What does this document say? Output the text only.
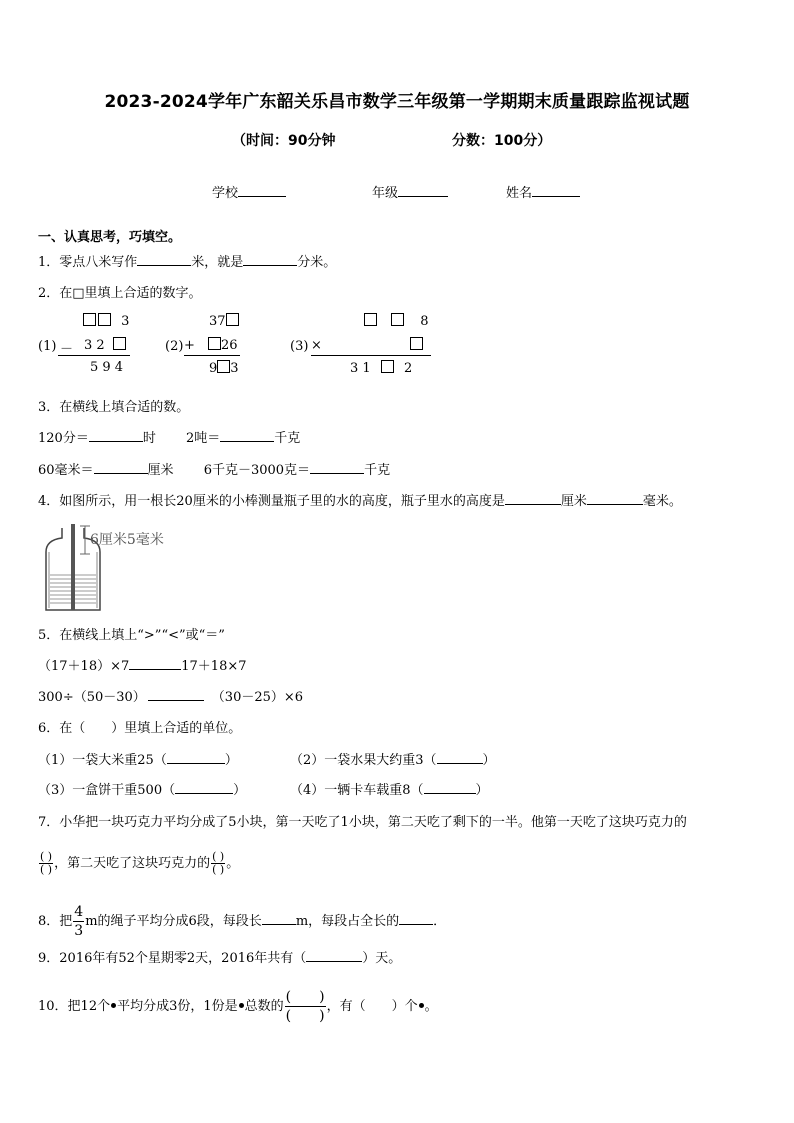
2023-2024学年广东韶关乐昌市数学三年级第一学期期末质量跟踪监视试题
（时间：90分钟	分数：100分）
学校	年级	姓名
一、认真思考，巧填空。
1．零点八米写作	米，就是	分米。
2．在□里填上合适的数字。
3
(1) － 3 2
5 9 4
37
(2) +	26
9 3
8
(3) ×
3 1	2
3．在横线上填合适的数。
120分＝	时 2吨＝	千克
60毫米＝	厘米 6千克－3000克＝	千克
4．如图所示，用一根长20厘米的小棒测量瓶子里的水的高度，瓶子里水的高度是	厘米	毫米。
6厘米5毫米
5．在横线上填上“>”“<”或“＝”
（17＋18）×7	17＋18×7
300÷（50－30）	（30－25）×6
6．在（　　）里填上合适的单位。
（1）一袋大米重25（	）	（2）一袋水果大约重3（	）
（3）一盒饼干重500（	）	（4）一辆卡车载重8（	）
7．小华把一块巧克力平均分成了5小块，第一天吃了1小块，第二天吃了剩下的一半。他第一天吃了这块巧克力的
$\frac{( )}{( )}$ ，第二天吃了这块巧克力的 $\frac{( )}{( )}$ 。
8．把 $\frac{4}{3}$ m的绳子平均分成6段，每段长	m，每段占全长的	．
9．2016年有52个星期零2天，2016年共有（	）天。
10．把12个 平均分成3份，1份是 总数的 $\frac{( )}{( )}$ ，有（　　）个 。
